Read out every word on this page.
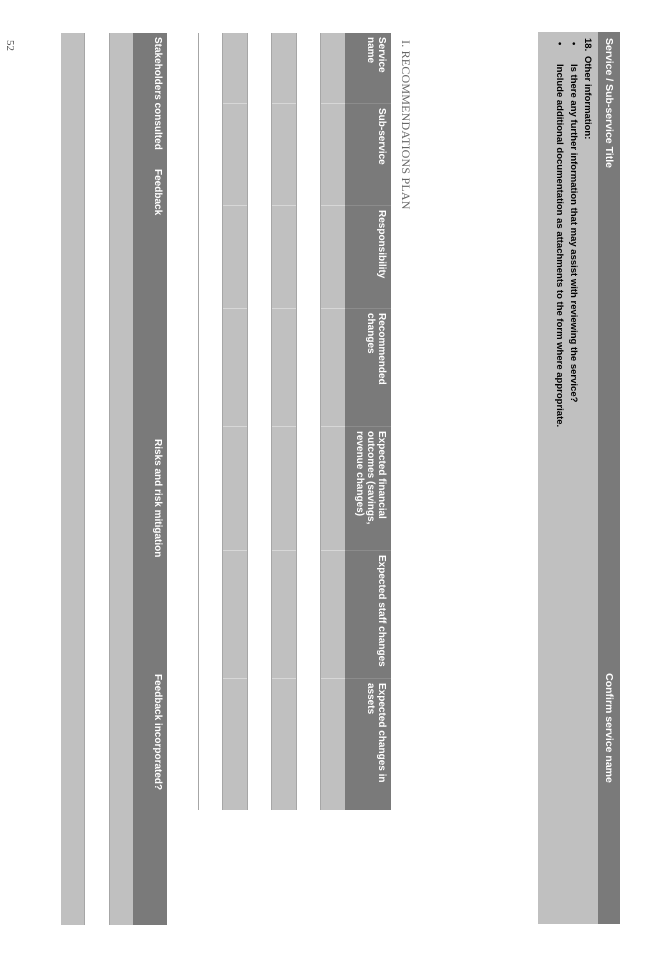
52	I. RECOMMENDATIONS PLAN	Service / Sub-service Title
Confirm service name
18.Other information:
•Is there any further information that may assist with reviewing the service?
•Include additional documentation as attachments to the form where appropriate.
Service name
Sub-service
Responsibility
Recommended changes
Expected financial outcomes (savings, revenue changes)
Expected staff changes
Expected changes in assets
Stakeholders consulted
Feedback
Risks and risk mitigation
Feedback incorporated?
